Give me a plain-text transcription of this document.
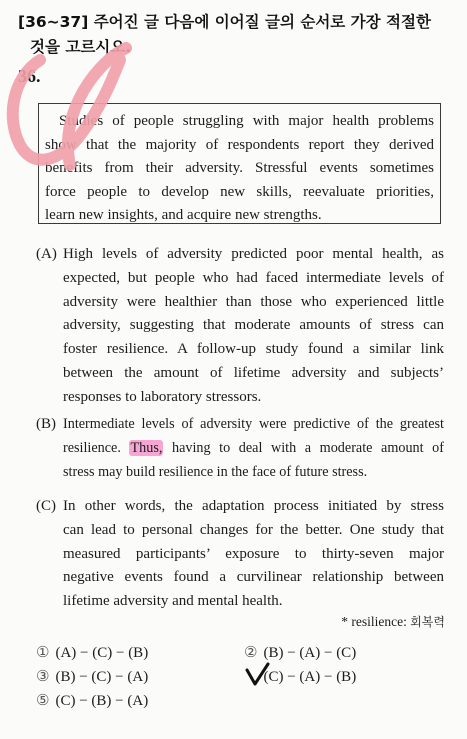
[36~37] 주어진 글 다음에 이어질 글의 순서로 가장 적절한
것을 고르시오.
36.
Studies of people struggling with major health problems
show that the majority of respondents report they derived
benefits from their adversity. Stressful events sometimes
force people to develop new skills, reevaluate priorities,
learn new insights, and acquire new strengths.
(A) High levels of adversity predicted poor mental health, as
expected, but people who had faced intermediate levels of
adversity were healthier than those who experienced little
adversity, suggesting that moderate amounts of stress can
foster resilience. A follow-up study found a similar link
between the amount of lifetime adversity and subjects’
responses to laboratory stressors.
(B) Intermediate levels of adversity were predictive of the greatest
resilience. Thus, having to deal with a moderate amount of
stress may build resilience in the face of future stress.
(C) In other words, the adaptation process initiated by stress
can lead to personal changes for the better. One study that
measured participants’ exposure to thirty-seven major
negative events found a curvilinear relationship between
lifetime adversity and mental health.
* resilience: 회복력
① (A) − (C) − (B)	② (B) − (A) − (C)
③ (B) − (C) − (A)	(C) − (A) − (B)
⑤ (C) − (B) − (A)
